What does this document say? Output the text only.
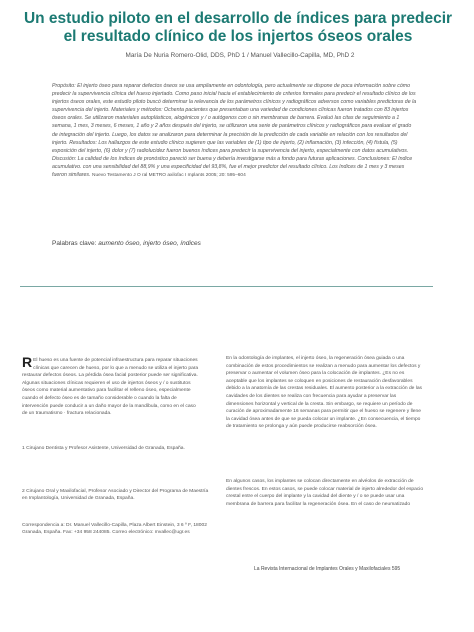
Un estudio piloto en el desarrollo de índices para predecir el resultado clínico de los injertos óseos orales
María De Nuria Romero-Olid, DDS, PhD 1 / Manuel Vallecillo-Capilla, MD, PhD 2

Propósito: El injerto óseo para reparar defectos óseos se usa ampliamente en odontología, pero actualmente se dispone de poca información sobre cómo predecir la supervivencia clínica del hueso injertado. Como paso inicial hacia el establecimiento de criterios formales para predecir el resultado clínico de los injertos óseos orales, este estudio piloto buscó determinar la relevancia de los parámetros clínicos y radiográficos adversos como variables predictoras de la supervivencia del injerto. Materiales y métodos: Ochenta pacientes que presentaban una variedad de condiciones clínicas fueron tratados con 83 injertos óseos orales. Se utilizaron materiales autoplásticos, alogénicos y / o autógenos con o sin membranas de barrera. Evaluó las citas de seguimiento a 1 semana, 1 mes, 3 meses, 6 meses, 1 año y 2 años después del injerto, se utilizaron una serie de parámetros clínicos y radiográficos para evaluar el grado de integración del injerto. Luego, los datos se analizaron para determinar la precisión de la predicción de cada variable en relación con los resultados del injerto. Resultados: Los hallazgos de este estudio clínico sugieren que las variables de (1) tipo de injerto, (2) inflamación, (3) infección, (4) fístula, (5) exposición del injerto, (6) dolor y (7) radiolucidez fueron buenos índices para predecir la supervivencia del injerto, especialmente con datos acumulativos. Discusión: La calidad de los índices de pronóstico pareció ser buena y debería investigarse más a fondo para futuras aplicaciones. Conclusiones: El índice acumulativo. con una sensibilidad del 88,9% y una especificidad del 93,8%, fue el mejor predictor del resultado clínico. Los índices de 1 mes y 3 meses fueron similares. Nuevo Testamento J O ral METRO axilofac I mplants 2005; 20: 595–604

Palabras clave: aumento óseo, injerto óseo, índices

R El hueso es una fuente de potencial infraestructura para reparar situaciones clínicas que carecen de hueso, por lo que a menudo se utiliza el injerto para restaurar defectos óseos. La pérdida ósea facial posterior puede ser significativa. Algunas situaciones clínicas requieren el uso de injertos óseos y / o sustitutos óseos como material aumentativo para facilitar el relleno óseo, especialmente cuando el defecto óseo es de tamaño considerable o cuando la falta de intervención puede conducir a un daño mayor de la mandíbula, como en el caso de un traumatismo · fractura relacionada.

1 Cirujano Dentista y Profesor Asistente, Universidad de Granada, España.

2 Cirujano Oral y Maxilofacial, Profesor Asociado y Director del Programa de Maestría en Implantología, Universidad de Granada, España.

Correspondencia a: Dr. Manuel Vallecillo-Capilla, Plaza Albert Einstein, 3 6 º F, 18002 Granada, España. Fax: +34 958 244085. Correo electrónico: mvallec@ugr.es

En la odontología de implantes, el injerto óseo, la regeneración ósea guiada o una combinación de estos procedimientos se realizan a menudo para aumentar los defectos y preservar o aumentar el volumen óseo para la colocación de implantes. ¿Es no es aceptable que los implantes se coloquen en posiciones de restauración desfavorables debido a la anatomía de las crestas residuales. El aumento posterior a la extracción de las cavidades de los dientes se realiza con frecuencia para ayudar a preservar las dimensiones horizontal y vertical de la cresta. Sin embargo, se requiere un período de curación de aproximadamente 16 semanas para permitir que el hueso se regenere y llene la cavidad ósea antes de que se pueda colocar un implante. ¿En consecuencia, el tiempo de tratamiento se prolonga y aún puede producirse reabsorción ósea.

En algunos casos, los implantes se colocan directamente en alvéolos de extracción de dientes frescos. En estos casos, se puede colocar material de injerto alrededor del espacio crestal entre el cuerpo del implante y la cavidad del diente y / o se puede usar una membrana de barrera para facilitar la regeneración ósea. En el caso de neumatizado

La Revista Internacional de Implantes Orales y Maxilofaciales 595
